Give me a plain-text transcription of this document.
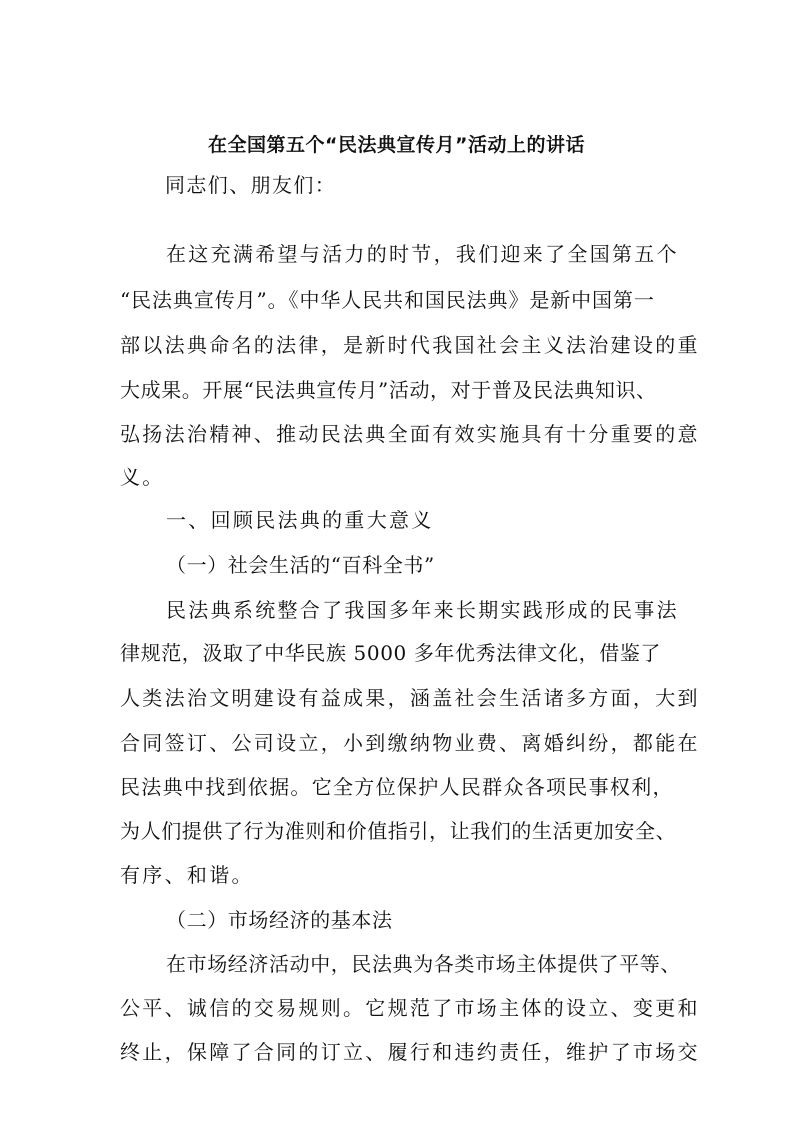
在全国第五个“民法典宣传月”活动上的讲话
同志们、朋友们：
在这充满希望与活力的时节，我们迎来了全国第五个
“民法典宣传月”。《中华人民共和国民法典》是新中国第一
部以法典命名的法律，是新时代我国社会主义法治建设的重
大成果。开展“民法典宣传月”活动，对于普及民法典知识、
弘扬法治精神、推动民法典全面有效实施具有十分重要的意
义。
一、回顾民法典的重大意义
（一）社会生活的“百科全书”
民法典系统整合了我国多年来长期实践形成的民事法
律规范，汲取了中华民族 5000 多年优秀法律文化，借鉴了
人类法治文明建设有益成果，涵盖社会生活诸多方面，大到
合同签订、公司设立，小到缴纳物业费、离婚纠纷，都能在
民法典中找到依据。它全方位保护人民群众各项民事权利，
为人们提供了行为准则和价值指引，让我们的生活更加安全、
有序、和谐。
（二）市场经济的基本法
在市场经济活动中，民法典为各类市场主体提供了平等、
公平、诚信的交易规则。它规范了市场主体的设立、变更和
终止，保障了合同的订立、履行和违约责任，维护了市场交
